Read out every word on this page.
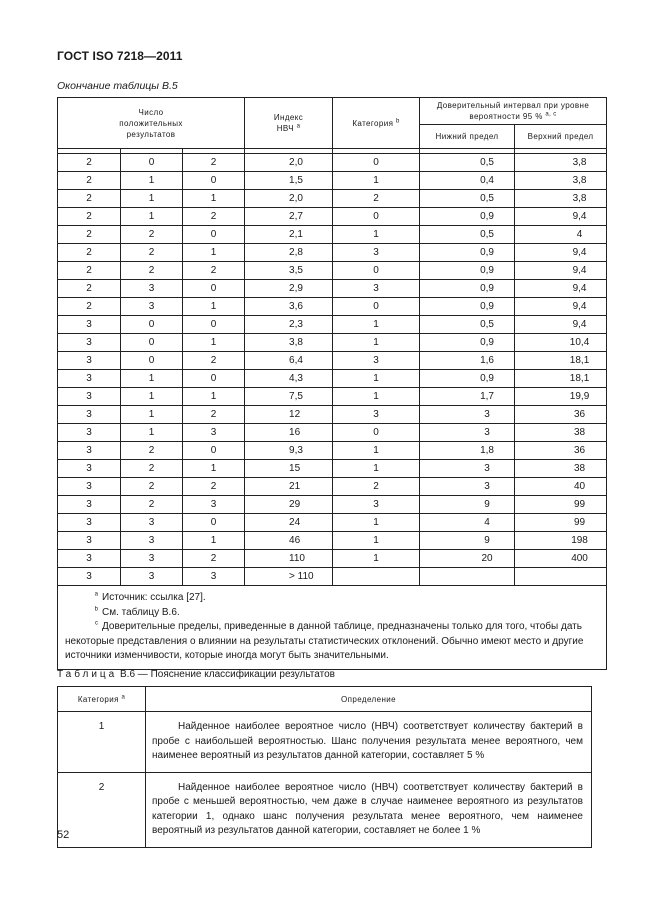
ГОСТ ISO 7218—2011
Окончание таблицы В.5
Число положительных результатов			Индекс НВЧ $^a$	Категория $^b$	Доверительный интервал при уровне вероятности 95 % $^{a, c}$
					Нижний предел	Верхний предел

2	0	2	2,0	0	0,5	3,8
2	1	0	1,5	1	0,4	3,8
2	1	1	2,0	2	0,5	3,8
2	1	2	2,7	0	0,9	9,4
2	2	0	2,1	1	0,5	4
2	2	1	2,8	3	0,9	9,4
2	2	2	3,5	0	0,9	9,4
2	3	0	2,9	3	0,9	9,4
2	3	1	3,6	0	0,9	9,4
3	0	0	2,3	1	0,5	9,4
3	0	1	3,8	1	0,9	10,4
3	0	2	6,4	3	1,6	18,1
3	1	0	4,3	1	0,9	18,1
3	1	1	7,5	1	1,7	19,9
3	1	2	12	3	3	36
3	1	3	16	0	3	38
3	2	0	9,3	1	1,8	36
3	2	1	15	1	3	38
3	2	2	21	2	3	40
3	2	3	29	3	9	99
3	3	0	24	1	4	99
3	3	1	46	1	9	198
3	3	2	110	1	20	400
3	3	3	> 110			

$^a$ Источник: ссылка [27].
$^b$ См. таблицу В.6.
$^c$ Доверительные пределы, приведенные в данной таблице, предназначены только для того, чтобы дать некоторые представления о влиянии на результаты статистических отклонений. Обычно имеют место и другие источники изменчивости, которые иногда могут быть значительными.						
Таблица В.6 — Пояснение классификации результатов
Категория $^а$	Определение
1	Найденное наиболее вероятное число (НВЧ) соответствует количеству бактерий в пробе с наибольшей вероятностью. Шанс получения результата менее вероятного, чем наименее вероятный из результатов данной категории, составляет 5 %
2	Найденное наиболее вероятное число (НВЧ) соответствует количеству бактерий в пробе с меньшей вероятностью, чем даже в случае наименее вероятного из результатов категории 1, однако шанс получения результата менее вероятного, чем наименее вероятный из результатов данной категории, составляет не более 1 %
52
